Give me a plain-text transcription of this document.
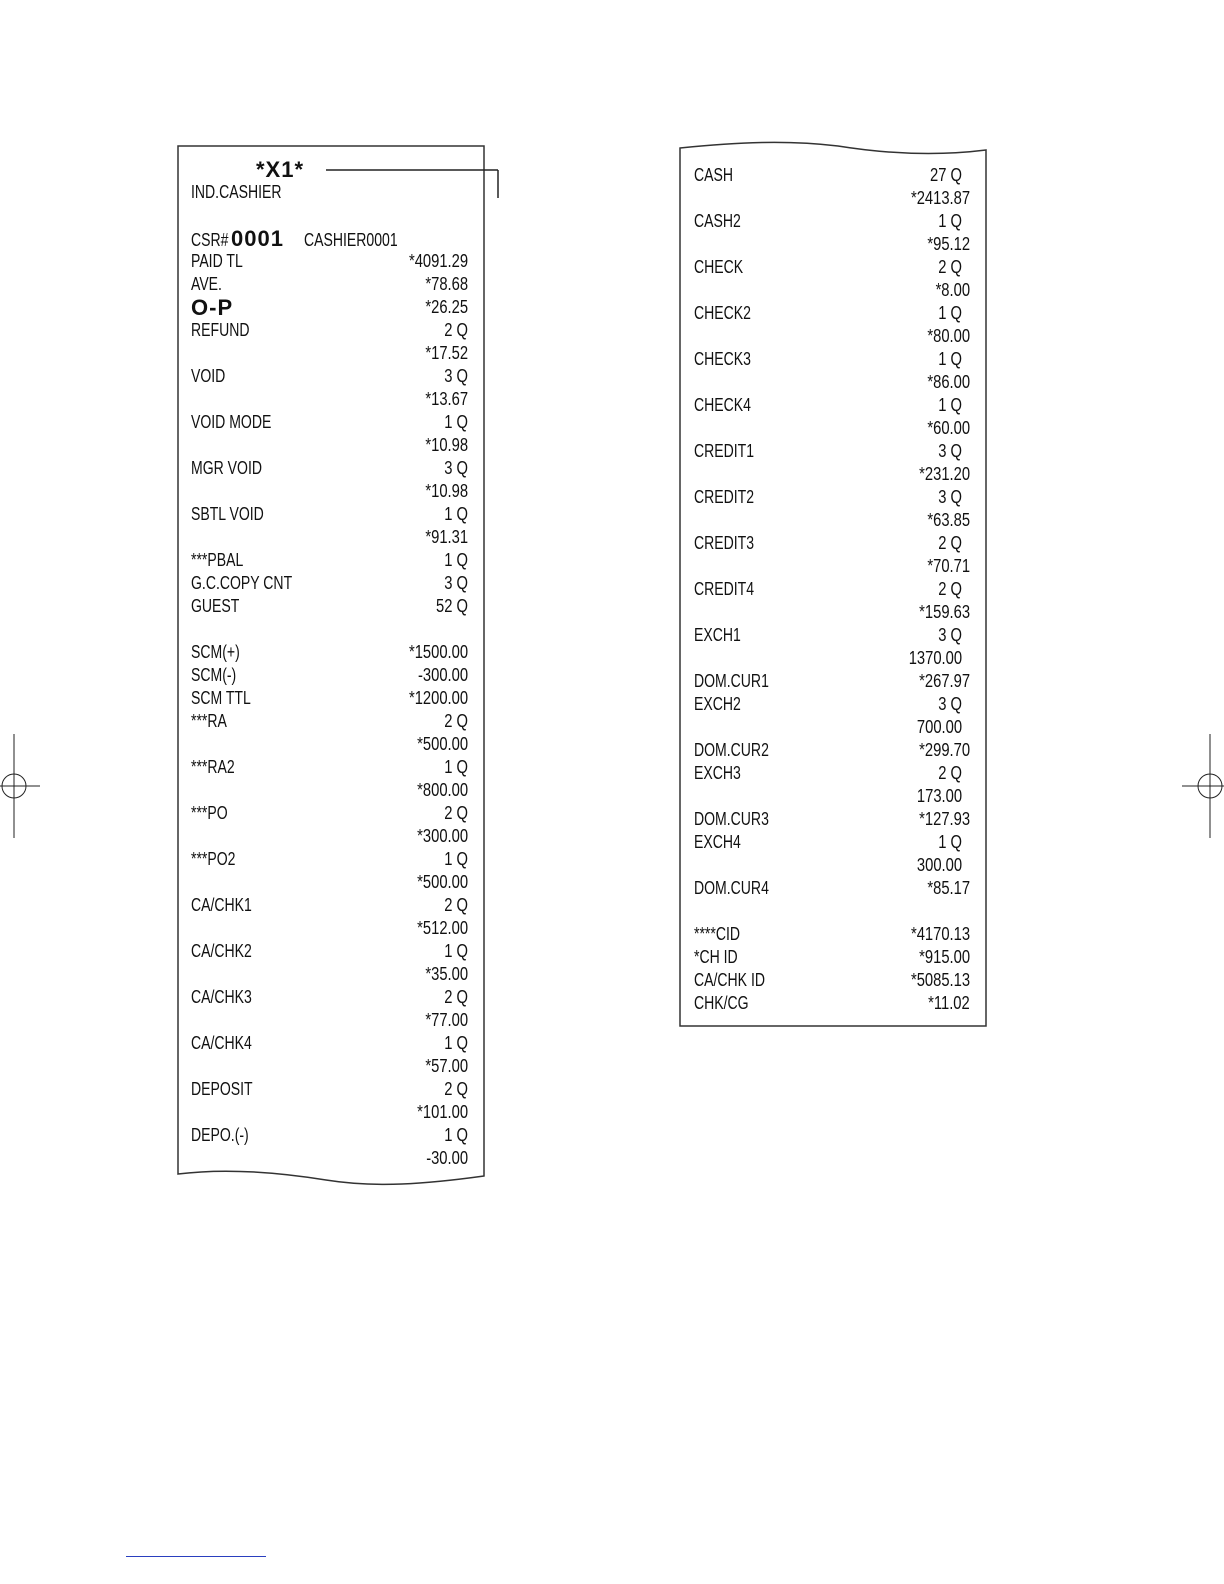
*X1*
IND.CASHIER
CSR# 0001 CASHIER0001
PAID TL	*4091.29
AVE.	*78.68
O-P	*26.25
REFUND	2 Q
*17.52
VOID	3 Q
*13.67
VOID MODE	1 Q
*10.98
MGR VOID	3 Q
*10.98
SBTL VOID	1 Q
*91.31
***PBAL	1 Q
G.C.COPY CNT	3 Q
GUEST	52 Q
SCM(+)	*1500.00
SCM(-)	-300.00
SCM TTL	*1200.00
***RA	2 Q
*500.00
***RA2	1 Q
*800.00
***PO	2 Q
*300.00
***PO2	1 Q
*500.00
CA/CHK1	2 Q
*512.00
CA/CHK2	1 Q
*35.00
CA/CHK3	2 Q
*77.00
CA/CHK4	1 Q
*57.00
DEPOSIT	2 Q
*101.00
DEPO.(-)	1 Q
-30.00
CASH	27 Q
*2413.87
CASH2	1 Q
*95.12
CHECK	2 Q
*8.00
CHECK2	1 Q
*80.00
CHECK3	1 Q
*86.00
CHECK4	1 Q
*60.00
CREDIT1	3 Q
*231.20
CREDIT2	3 Q
*63.85
CREDIT3	2 Q
*70.71
CREDIT4	2 Q
*159.63
EXCH1	3 Q
1370.00
DOM.CUR1	*267.97
EXCH2	3 Q
700.00
DOM.CUR2	*299.70
EXCH3	2 Q
173.00
DOM.CUR3	*127.93
EXCH4	1 Q
300.00
DOM.CUR4	*85.17
****CID	*4170.13
*CH ID	*915.00
CA/CHK ID	*5085.13
CHK/CG	*11.02
